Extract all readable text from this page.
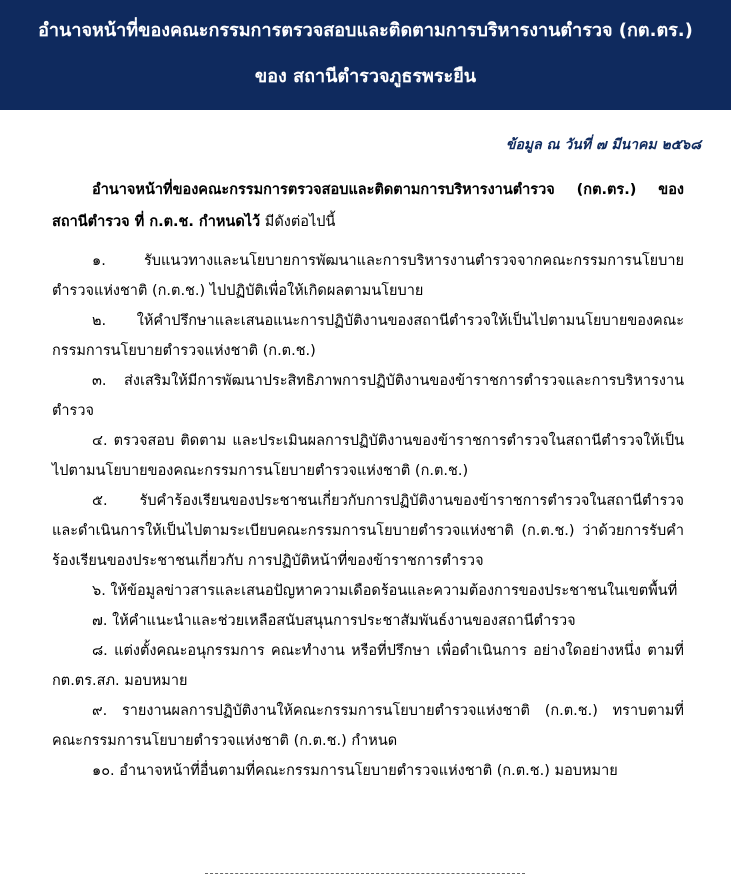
อำนาจหน้าที่ของคณะกรรมการตรวจสอบและติดตามการบริหารงานตำรวจ (กต.ตร.)
ของ สถานีตำรวจภูธรพระยืน
ข้อมูล ณ วันที่ ๗ มีนาคม ๒๕๖๘

อำนาจหน้าที่ของคณะกรรมการตรวจสอบและติดตามการบริหารงานตำรวจ (กต.ตร.) ของสถานีตำรวจ ที่ ก.ต.ช. กำหนดไว้ มีดังต่อไปนี้

๑. รับแนวทางและนโยบายการพัฒนาและการบริหารงานตำรวจจากคณะกรรมการนโยบายตำรวจแห่งชาติ (ก.ต.ช.) ไปปฏิบัติเพื่อให้เกิดผลตามนโยบาย

๒. ให้คำปรึกษาและเสนอแนะการปฏิบัติงานของสถานีตำรวจให้เป็นไปตามนโยบายของคณะกรรมการนโยบายตำรวจแห่งชาติ (ก.ต.ช.)

๓. ส่งเสริมให้มีการพัฒนาประสิทธิภาพการปฏิบัติงานของข้าราชการตำรวจและการบริหารงานตำรวจ

๔. ตรวจสอบ ติดตาม และประเมินผลการปฏิบัติงานของข้าราชการตำรวจในสถานีตำรวจให้เป็นไปตามนโยบายของคณะกรรมการนโยบายตำรวจแห่งชาติ (ก.ต.ช.)

๕. รับคำร้องเรียนของประชาชนเกี่ยวกับการปฏิบัติงานของข้าราชการตำรวจในสถานีตำรวจ และดำเนินการให้เป็นไปตามระเบียบคณะกรรมการนโยบายตำรวจแห่งชาติ (ก.ต.ช.) ว่าด้วยการรับคำร้องเรียนของประชาชนเกี่ยวกับ การปฏิบัติหน้าที่ของข้าราชการตำรวจ

๖. ให้ข้อมูลข่าวสารและเสนอปัญหาความเดือดร้อนและความต้องการของประชาชนในเขตพื้นที่

๗. ให้คำแนะนำและช่วยเหลือสนับสนุนการประชาสัมพันธ์งานของสถานีตำรวจ

๘. แต่งตั้งคณะอนุกรรมการ คณะทำงาน หรือที่ปรึกษา เพื่อดำเนินการ อย่างใดอย่างหนึ่ง ตามที่ กต.ตร.สภ. มอบหมาย

๙. รายงานผลการปฏิบัติงานให้คณะกรรมการนโยบายตำรวจแห่งชาติ (ก.ต.ช.) ทราบตามที่คณะกรรมการนโยบายตำรวจแห่งชาติ (ก.ต.ช.) กำหนด

๑๐. อำนาจหน้าที่อื่นตามที่คณะกรรมการนโยบายตำรวจแห่งชาติ (ก.ต.ช.) มอบหมาย
